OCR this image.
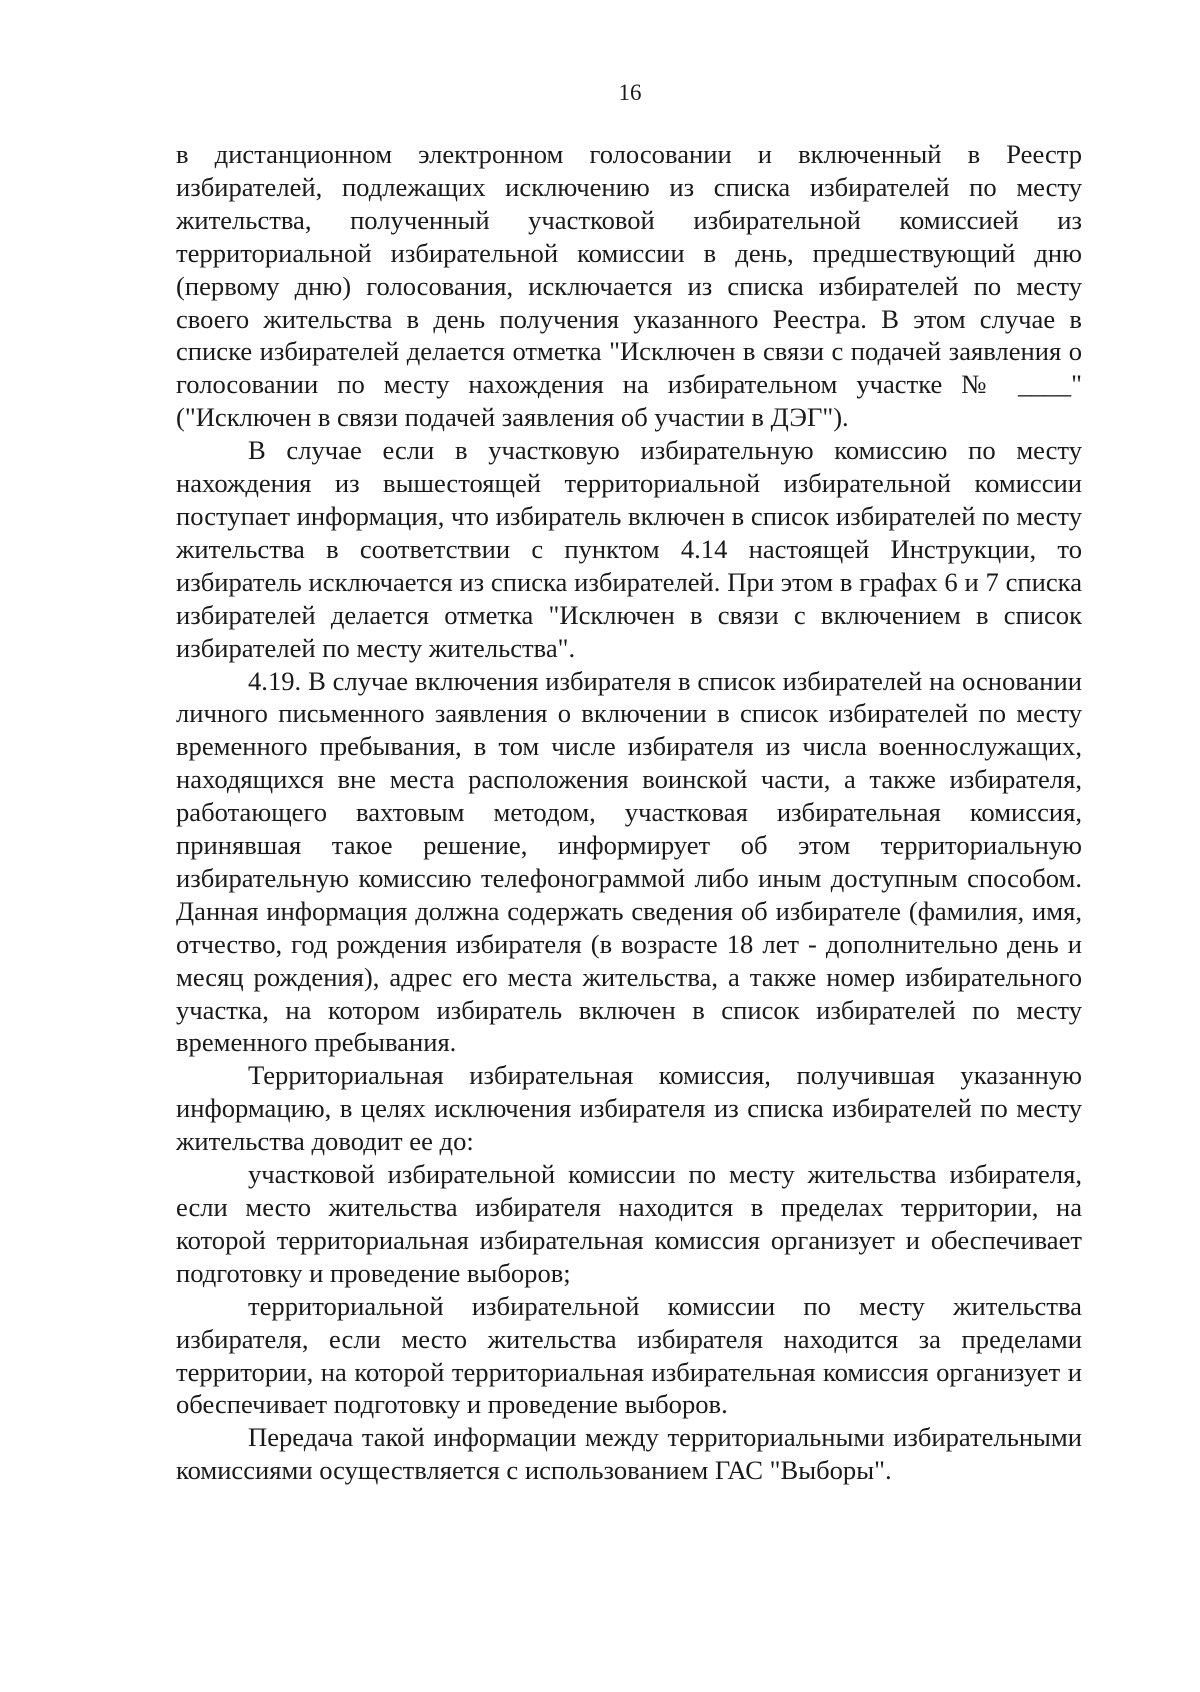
16

в дистанционном электронном голосовании и включенный в Реестр избирателей, подлежащих исключению из списка избирателей по месту жительства, полученный участковой избирательной комиссией из территориальной избирательной комиссии в день, предшествующий дню (первому дню) голосования, исключается из списка избирателей по месту своего жительства в день получения указанного Реестра. В этом случае в списке избирателей делается отметка "Исключен в связи с подачей заявления о голосовании по месту нахождения на избирательном участке № ____" ("Исключен в связи подачей заявления об участии в ДЭГ").

В случае если в участковую избирательную комиссию по месту нахождения из вышестоящей территориальной избирательной комиссии поступает информация, что избиратель включен в список избирателей по месту жительства в соответствии с пунктом 4.14 настоящей Инструкции, то избиратель исключается из списка избирателей. При этом в графах 6 и 7 списка избирателей делается отметка "Исключен в связи с включением в список избирателей по месту жительства".

4.19. В случае включения избирателя в список избирателей на основании личного письменного заявления о включении в список избирателей по месту временного пребывания, в том числе избирателя из числа военнослужащих, находящихся вне места расположения воинской части, а также избирателя, работающего вахтовым методом, участковая избирательная комиссия, принявшая такое решение, информирует об этом территориальную избирательную комиссию телефонограммой либо иным доступным способом. Данная информация должна содержать сведения об избирателе (фамилия, имя, отчество, год рождения избирателя (в возрасте 18 лет - дополнительно день и месяц рождения), адрес его места жительства, а также номер избирательного участка, на котором избиратель включен в список избирателей по месту временного пребывания.

Территориальная избирательная комиссия, получившая указанную информацию, в целях исключения избирателя из списка избирателей по месту жительства доводит ее до:

участковой избирательной комиссии по месту жительства избирателя, если место жительства избирателя находится в пределах территории, на которой территориальная избирательная комиссия организует и обеспечивает подготовку и проведение выборов;

территориальной избирательной комиссии по месту жительства избирателя, если место жительства избирателя находится за пределами территории, на которой территориальная избирательная комиссия организует и обеспечивает подготовку и проведение выборов.

Передача такой информации между территориальными избирательными комиссиями осуществляется с использованием ГАС "Выборы".
